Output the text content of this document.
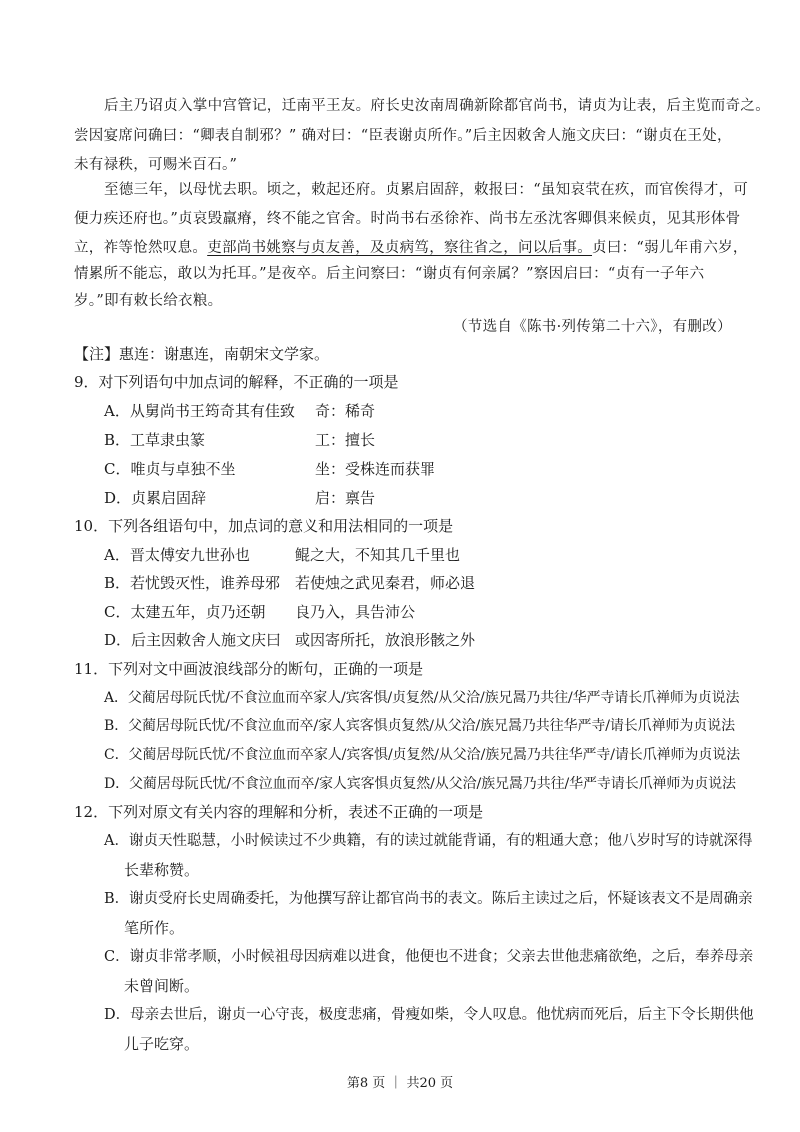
后主乃诏贞入掌中宫管记，迁南平王友。府长史汝南周确新除都官尚书，请贞为让表，后主览而奇之。
尝因宴席问确曰：“卿表自制邪？” 确对曰：“臣表谢贞所作。”后主因敕舍人施文庆曰：“谢贞在王处，
未有禄秩，可赐米百石。”
至德三年，以母忧去职。顷之，敕起还府。贞累启固辞，敕报曰：“虽知哀茕在疚，而官俟得才，可
便力疾还府也。”贞哀毁羸瘠，终不能之官舍。时尚书右丞徐祚、尚书左丞沈客卿俱来候贞，见其形体骨
立，祚等怆然叹息。吏部尚书姚察与贞友善，及贞病笃，察往省之，问以后事。贞曰：“弱儿年甫六岁，
情累所不能忘，敢以为托耳。”是夜卒。后主问察曰：“谢贞有何亲属？”察因启曰：“贞有一子年六
岁。”即有敕长给衣粮。
（节选自《陈书·列传第二十六》，有删改）
【注】惠连：谢惠连，南朝宋文学家。
9．对下列语句中加点词的解释，不正确的一项是
A．从舅尚书王筠奇其有佳致 奇：稀奇
B．工草隶虫篆	工：擅长
C．唯贞与卓独不坐	坐：受株连而获罪
D．贞累启固辞	启：禀告
10．下列各组语句中，加点词的意义和用法相同的一项是
A．晋太傅安九世孙也	鲲之大，不知其几千里也
B．若忧毁灭性，谁养母邪 若使烛之武见秦君，师必退
C．太建五年，贞乃还朝 良乃入，具告沛公
D．后主因敕舍人施文庆曰 或因寄所托，放浪形骸之外
11．下列对文中画波浪线部分的断句，正确的一项是
A．父蔺居母阮氏忧/不食泣血而卒家人/宾客惧/贞复然/从父洽/族兄暠乃共往/华严寺请长爪禅师为贞说法
B．父蔺居母阮氏忧/不食泣血而卒/家人宾客惧贞复然/从父洽/族兄暠乃共往华严寺/请长爪禅师为贞说法
C．父蔺居母阮氏忧/不食泣血而卒家人/宾客惧/贞复然/从父洽/族兄暠乃共往华严寺/请长爪禅师为贞说法
D．父蔺居母阮氏忧/不食泣血而卒/家人宾客惧贞复然/从父洽/族兄暠乃共往/华严寺请长爪禅师为贞说法
12．下列对原文有关内容的理解和分析，表述不正确的一项是
A．谢贞天性聪慧，小时候读过不少典籍，有的读过就能背诵，有的粗通大意；他八岁时写的诗就深得
长辈称赞。
B．谢贞受府长史周确委托，为他撰写辞让都官尚书的表文。陈后主读过之后，怀疑该表文不是周确亲
笔所作。
C．谢贞非常孝顺，小时候祖母因病难以进食，他便也不进食；父亲去世他悲痛欲绝，之后，奉养母亲
未曾间断。
D．母亲去世后，谢贞一心守丧，极度悲痛，骨瘦如柴，令人叹息。他忧病而死后，后主下令长期供他
儿子吃穿。
第8 页 ｜ 共20 页
